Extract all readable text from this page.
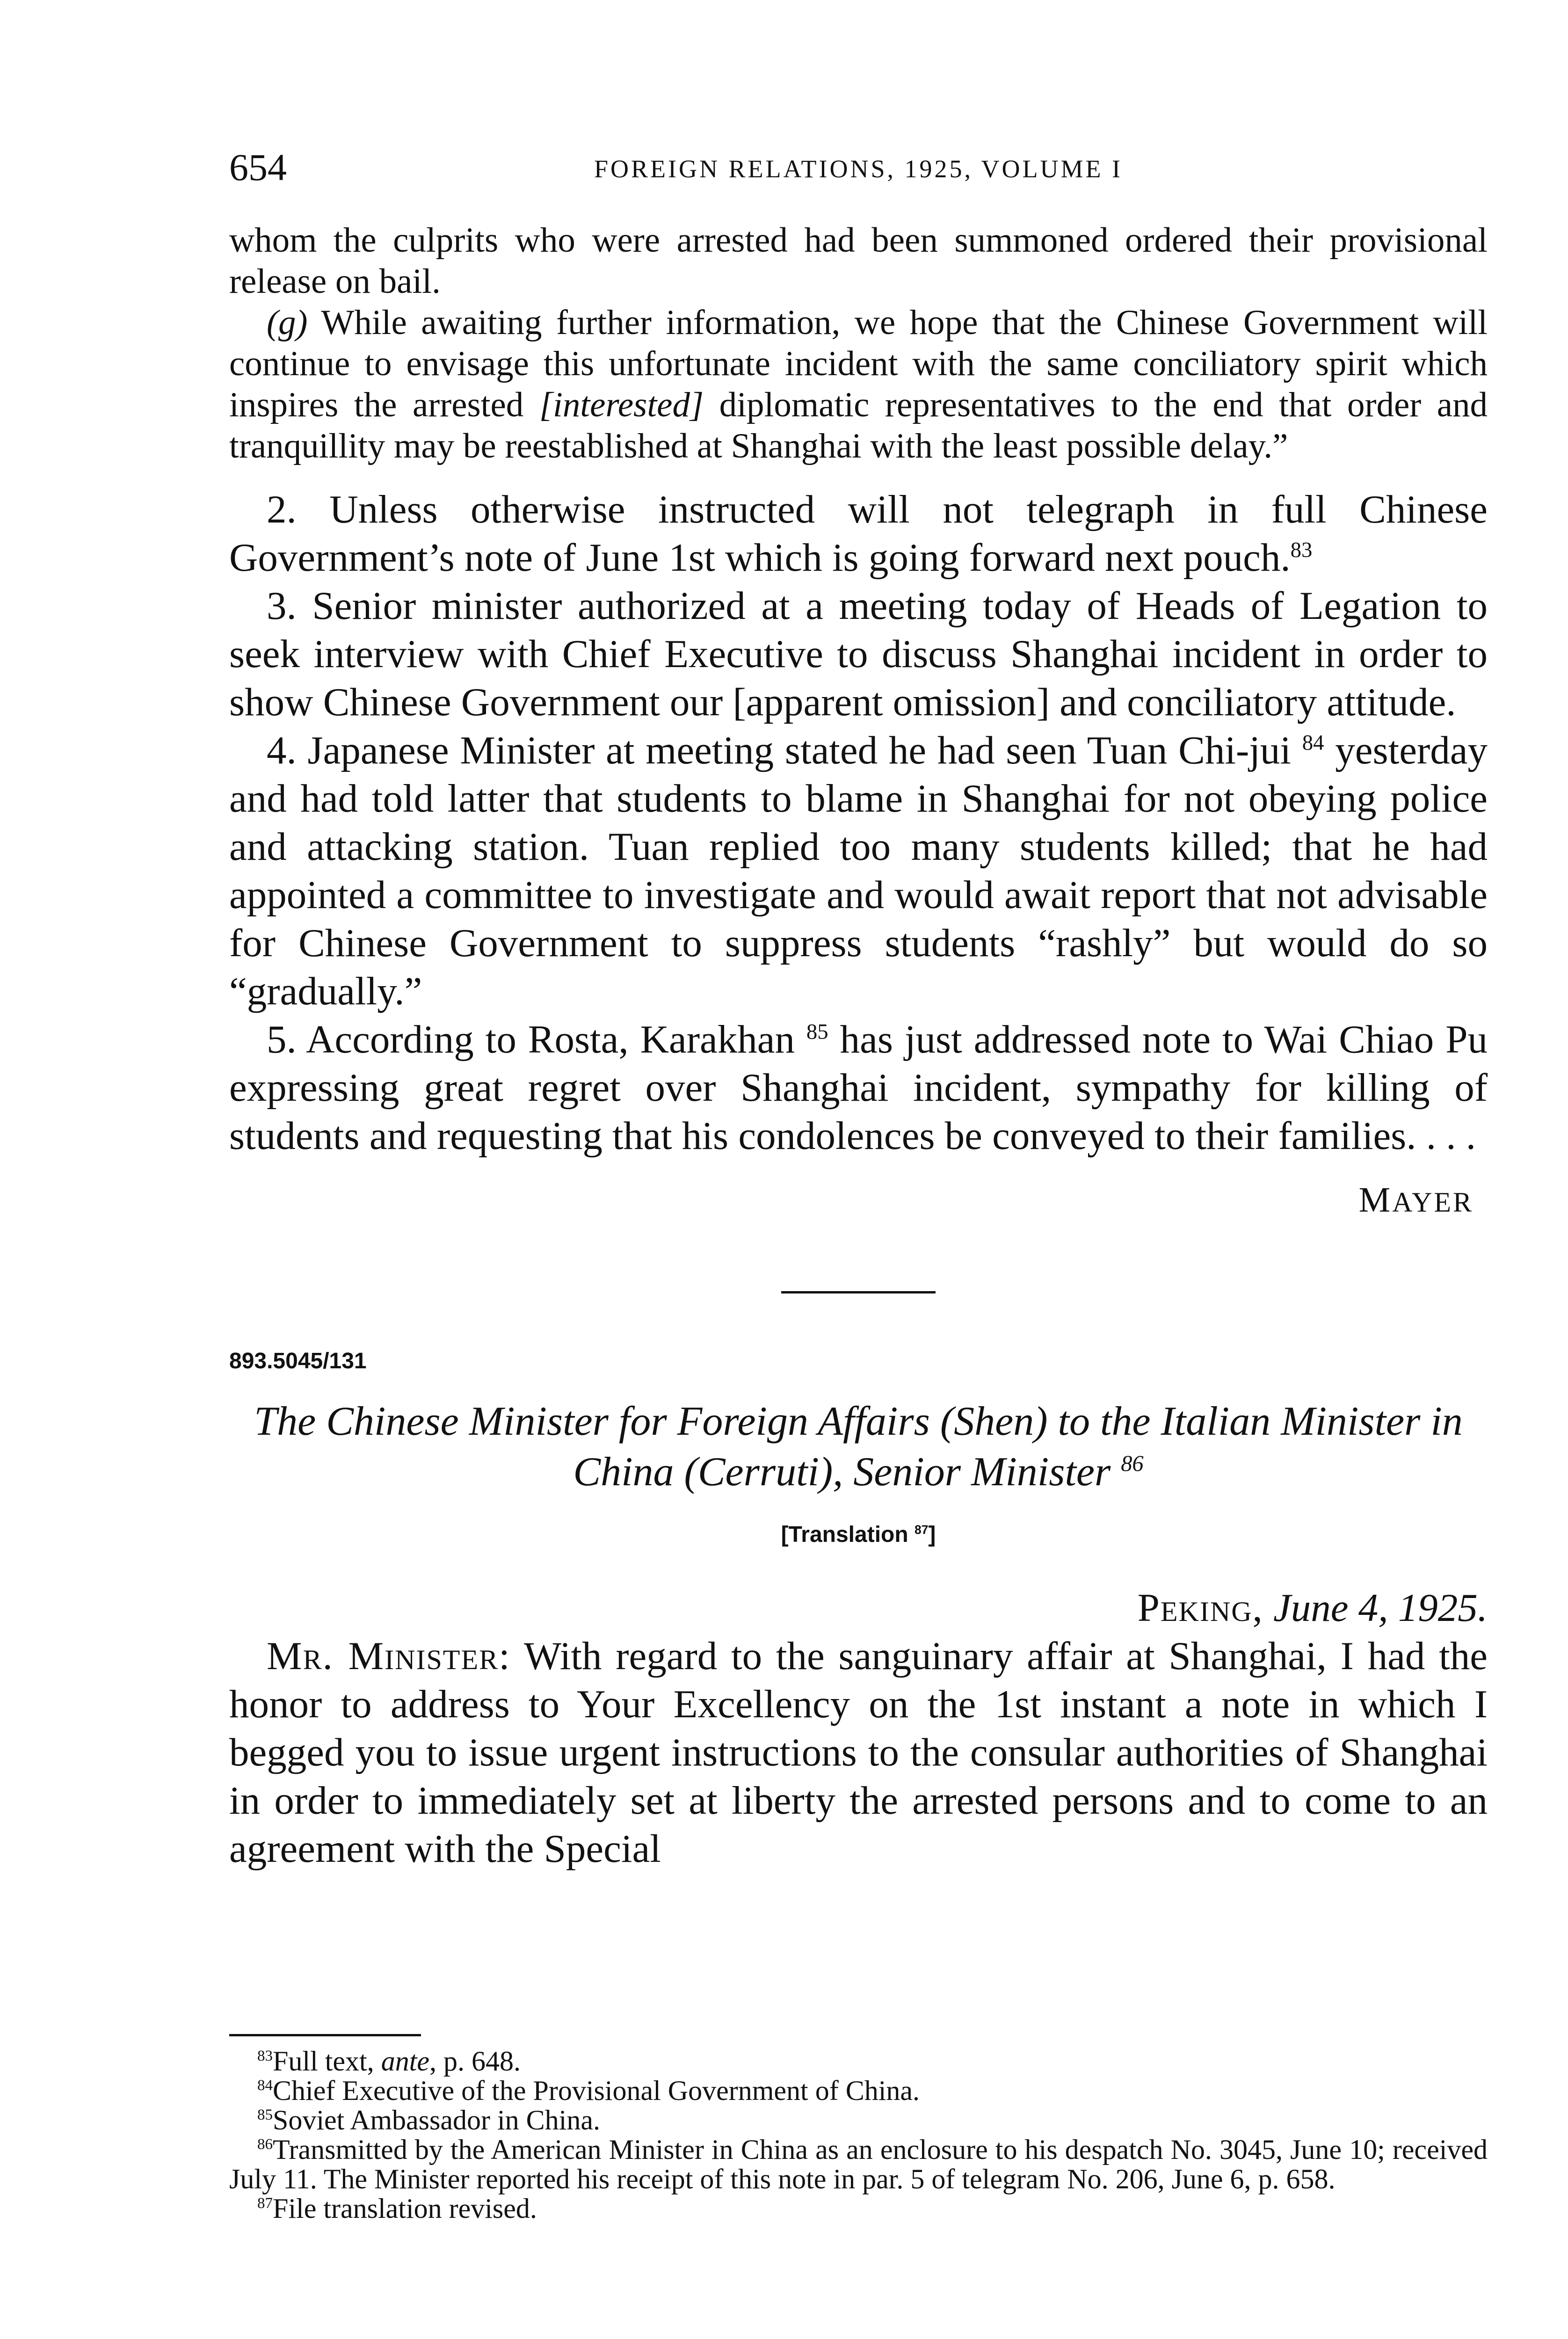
654	FOREIGN RELATIONS, 1925, VOLUME I

whom the culprits who were arrested had been summoned ordered their provisional release on bail.

(g) While awaiting further information, we hope that the Chinese Government will continue to envisage this unfortunate incident with the same conciliatory spirit which inspires the arrested [interested] diplomatic representatives to the end that order and tranquillity may be reestablished at Shanghai with the least possible delay.”

2. Unless otherwise instructed will not telegraph in full Chinese Government’s note of June 1st which is going forward next pouch.$^{83}$

3. Senior minister authorized at a meeting today of Heads of Legation to seek interview with Chief Executive to discuss Shanghai incident in order to show Chinese Government our [apparent omission] and conciliatory attitude.

4. Japanese Minister at meeting stated he had seen Tuan Chi-jui $^{84}$ yesterday and had told latter that students to blame in Shanghai for not obeying police and attacking station. Tuan replied too many students killed; that he had appointed a committee to investigate and would await report that not advisable for Chinese Government to suppress students “rashly” but would do so “gradually.”

5. According to Rosta, Karakhan $^{85}$ has just addressed note to Wai Chiao Pu expressing great regret over Shanghai incident, sympathy for killing of students and requesting that his condolences be conveyed to their families. . . .

MAYER
893.5045/131

The Chinese Minister for Foreign Affairs (Shen) to the Italian Minister in China (Cerruti), Senior Minister $^{86}$

[Translation $^{87}$]
Peking, June 4, 1925.

Mr. Minister: With regard to the sanguinary affair at Shanghai, I had the honor to address to Your Excellency on the 1st instant a note in which I begged you to issue urgent instructions to the consular authorities of Shanghai in order to immediately set at liberty the arrested persons and to come to an agreement with the Special

$^{83}$Full text, ante, p. 648.

$^{84}$Chief Executive of the Provisional Government of China.

$^{85}$Soviet Ambassador in China.

$^{86}$Transmitted by the American Minister in China as an enclosure to his despatch No. 3045, June 10; received July 11. The Minister reported his receipt of this note in par. 5 of telegram No. 206, June 6, p. 658.

$^{87}$File translation revised.
